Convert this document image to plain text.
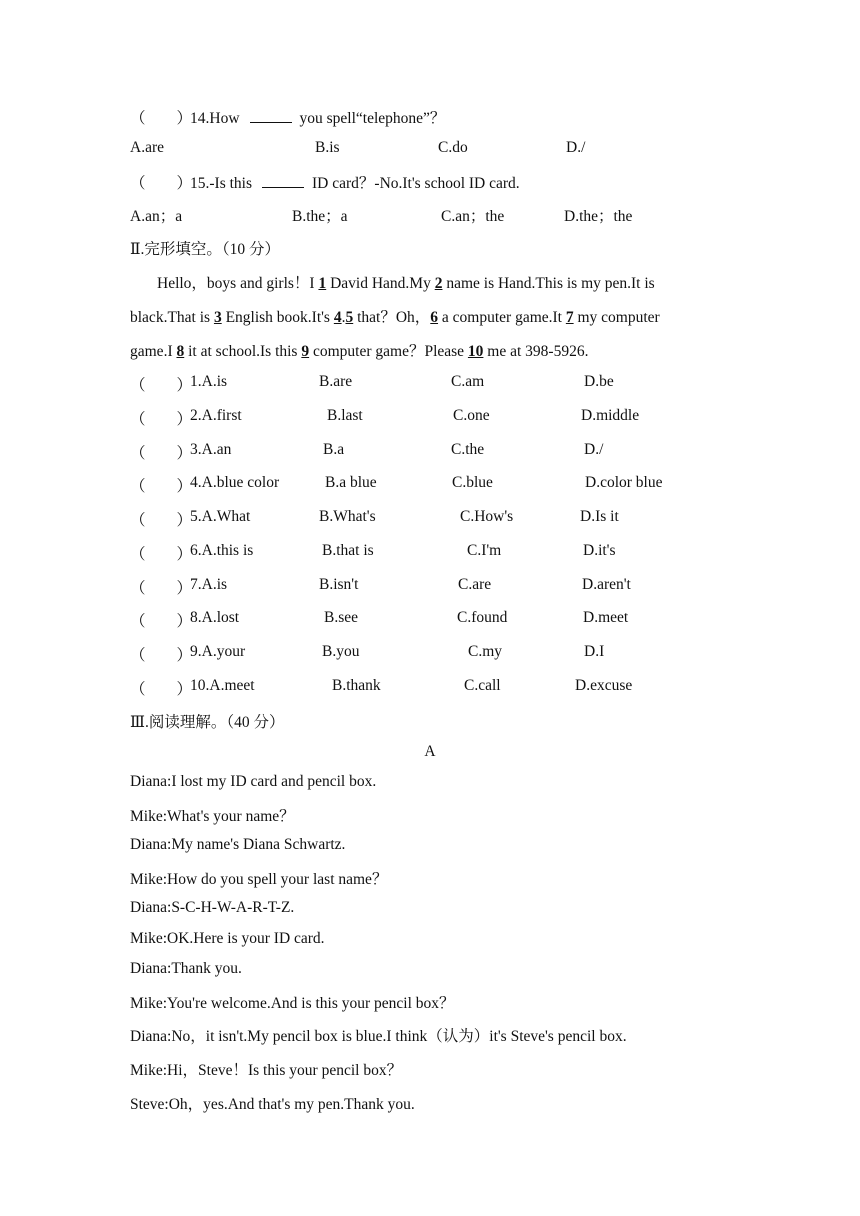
（　　）14.How	you spell“telephone”？
A.are	B.is	C.do	D./
（　　）15.-Is this	ID card？-No.It's school ID card.
A.an；a	B.the；a	C.an；the	D.the；the
Ⅱ.完形填空。（10 分）
Hello，boys and girls！I 1 David Hand.My 2 name is Hand.This is my pen.It is
black.That is 3 English book.It's 4.5 that？Oh，6 a computer game.It 7 my computer
game.I 8 it at school.Is this 9 computer game？Please 10 me at 398-5926.
（　　）
1.A.is	B.are	C.am	D.be
（　　）
2.A.first	B.last	C.one	D.middle
（　　）
3.A.an	B.a	C.the	D./
（　　）
4.A.blue color	B.a blue	C.blue	D.color blue
（　　）
5.A.What	B.What's	C.How's	D.Is it
（　　）
6.A.this is	B.that is	C.I'm	D.it's
（　　）
7.A.is	B.isn't	C.are	D.aren't
（　　）
8.A.lost	B.see	C.found	D.meet
（　　）
9.A.your	B.you	C.my	D.I
（　　）
10.A.meet	B.thank	C.call	D.excuse
Ⅲ.阅读理解。（40 分）
A
Diana:I lost my ID card and pencil box.
Mike:What's your name？
Diana:My name's Diana Schwartz.
Mike:How do you spell your last name？
Diana:S-C-H-W-A-R-T-Z.
Mike:OK.Here is your ID card.
Diana:Thank you.
Mike:You're welcome.And is this your pencil box？
Diana:No，it isn't.My pencil box is blue.I think（认为）it's Steve's pencil box.
Mike:Hi，Steve！Is this your pencil box？
Steve:Oh，yes.And that's my pen.Thank you.
